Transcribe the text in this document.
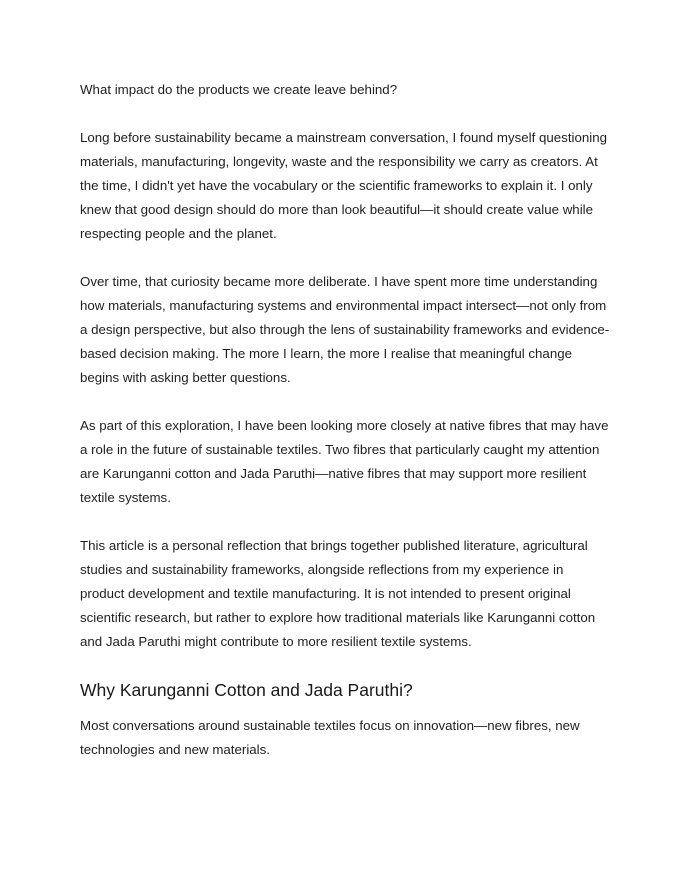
What impact do the products we create leave behind?

Long before sustainability became a mainstream conversation, I found myself questioning materials, manufacturing, longevity, waste and the responsibility we carry as creators. At the time, I didn't yet have the vocabulary or the scientific frameworks to explain it. I only knew that good design should do more than look beautiful—it should create value while respecting people and the planet.

Over time, that curiosity became more deliberate. I have spent more time understanding how materials, manufacturing systems and environmental impact intersect—not only from a design perspective, but also through the lens of sustainability frameworks and evidence-based decision making. The more I learn, the more I realise that meaningful change begins with asking better questions.

As part of this exploration, I have been looking more closely at native fibres that may have a role in the future of sustainable textiles. Two fibres that particularly caught my attention are Karunganni cotton and Jada Paruthi—native fibres that may support more resilient textile systems.

This article is a personal reflection that brings together published literature, agricultural studies and sustainability frameworks, alongside reflections from my experience in product development and textile manufacturing. It is not intended to present original scientific research, but rather to explore how traditional materials like Karunganni cotton and Jada Paruthi might contribute to more resilient textile systems.

Why Karunganni Cotton and Jada Paruthi?

Most conversations around sustainable textiles focus on innovation—new fibres, new technologies and new materials.
